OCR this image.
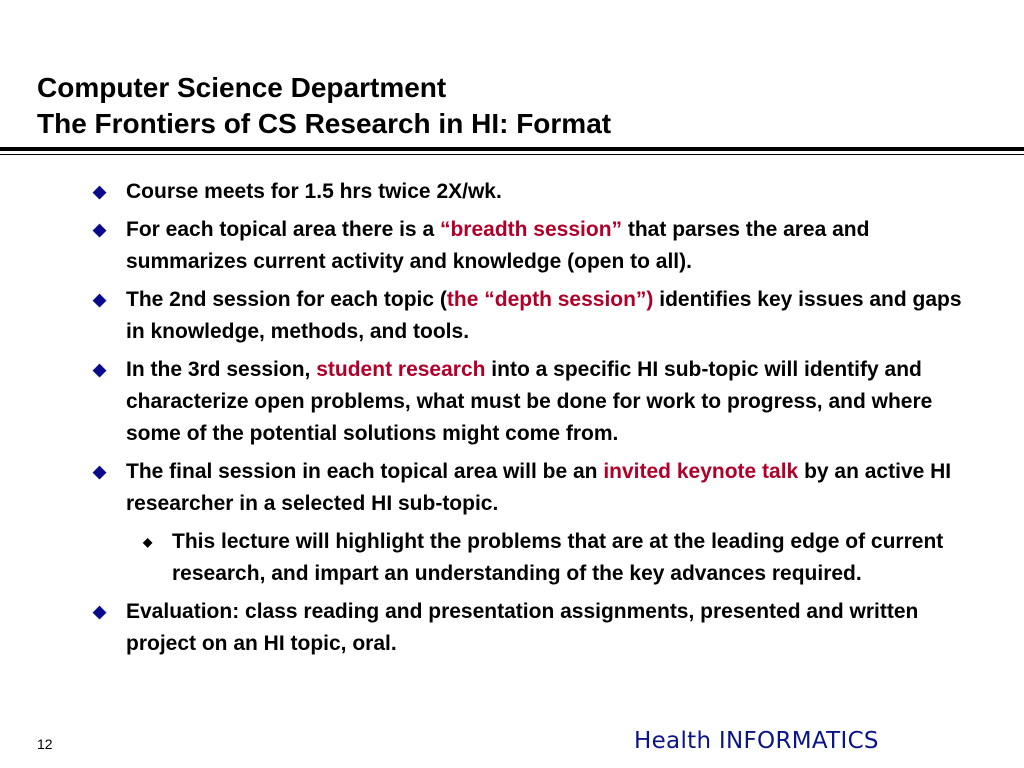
Computer Science Department
The Frontiers of CS Research in HI: Format
◆ Course meets for 1.5 hrs twice 2X/wk.
◆ For each topical area there is a “breadth session” that parses the area and summarizes current activity and knowledge (open to all).
◆ The 2nd session for each topic (the “depth session”) identifies key issues and gaps in knowledge, methods, and tools.
◆ In the 3rd session, student research into a specific HI sub-topic will identify and characterize open problems, what must be done for work to progress, and where some of the potential solutions might come from.
◆ The final session in each topical area will be an invited keynote talk by an active HI researcher in a selected HI sub-topic.
◆ This lecture will highlight the problems that are at the leading edge of current research, and impart an understanding of the key advances required.
◆ Evaluation: class reading and presentation assignments, presented and written project on an HI topic, oral.
12	Health INFORMATICS
